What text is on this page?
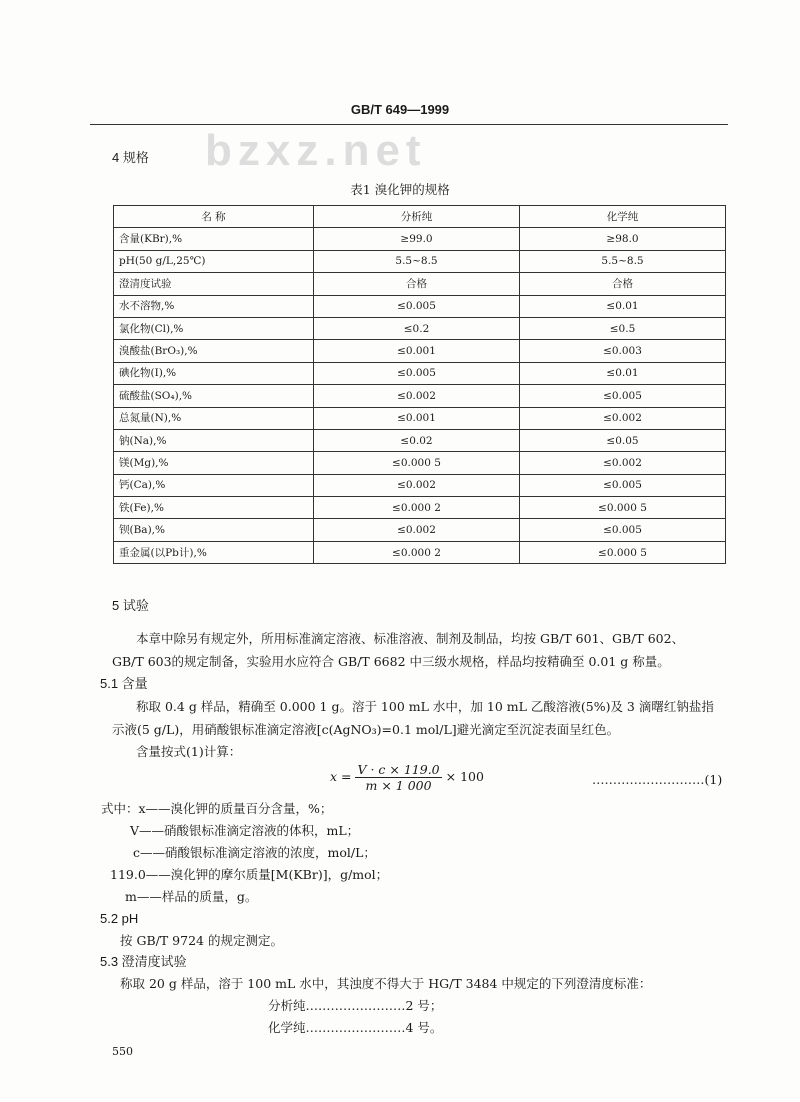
GB/T 649—1999
bzxz.net
4 规格
表1 溴化钾的规格
名 称	分析纯	化学纯
含量(KBr),%	≥99.0	≥98.0
pH(50 g/L,25℃)	5.5~8.5	5.5~8.5
澄清度试验	合格	合格
水不溶物,%	≤0.005	≤0.01
氯化物(Cl),%	≤0.2	≤0.5
溴酸盐(BrO₃),%	≤0.001	≤0.003
碘化物(I),%	≤0.005	≤0.01
硫酸盐(SO₄),%	≤0.002	≤0.005
总氮量(N),%	≤0.001	≤0.002
钠(Na),%	≤0.02	≤0.05
镁(Mg),%	≤0.000 5	≤0.002
钙(Ca),%	≤0.002	≤0.005
铁(Fe),%	≤0.000 2	≤0.000 5
钡(Ba),%	≤0.002	≤0.005
重金属(以Pb计),%	≤0.000 2	≤0.000 5
5 试验
本章中除另有规定外，所用标准滴定溶液、标准溶液、制剂及制品，均按 GB/T 601、GB/T 602、
GB/T 603的规定制备，实验用水应符合 GB/T 6682 中三级水规格，样品均按精确至 0.01 g 称量。
5.1 含量
称取 0.4 g 样品，精确至 0.000 1 g。溶于 100 mL 水中，加 10 mL 乙酸溶液(5%)及 3 滴曙红钠盐指
示液(5 g/L)，用硝酸银标准滴定溶液[c(AgNO₃)=0.1 mol/L]避光滴定至沉淀表面呈红色。
含量按式(1)计算：
$x = \frac{V \cdot c \times 119.0}{m \times 1 000} \times 100$	………………………(1)
式中：x——溴化钾的质量百分含量，%；
V——硝酸银标准滴定溶液的体积，mL；
c——硝酸银标准滴定溶液的浓度，mol/L；
119.0——溴化钾的摩尔质量[M(KBr)]，g/mol；
m——样品的质量，g。
5.2 pH
按 GB/T 9724 的规定测定。
5.3 澄清度试验
称取 20 g 样品，溶于 100 mL 水中，其浊度不得大于 HG/T 3484 中规定的下列澄清度标准：
分析纯……………………2 号；
化学纯……………………4 号。
550
